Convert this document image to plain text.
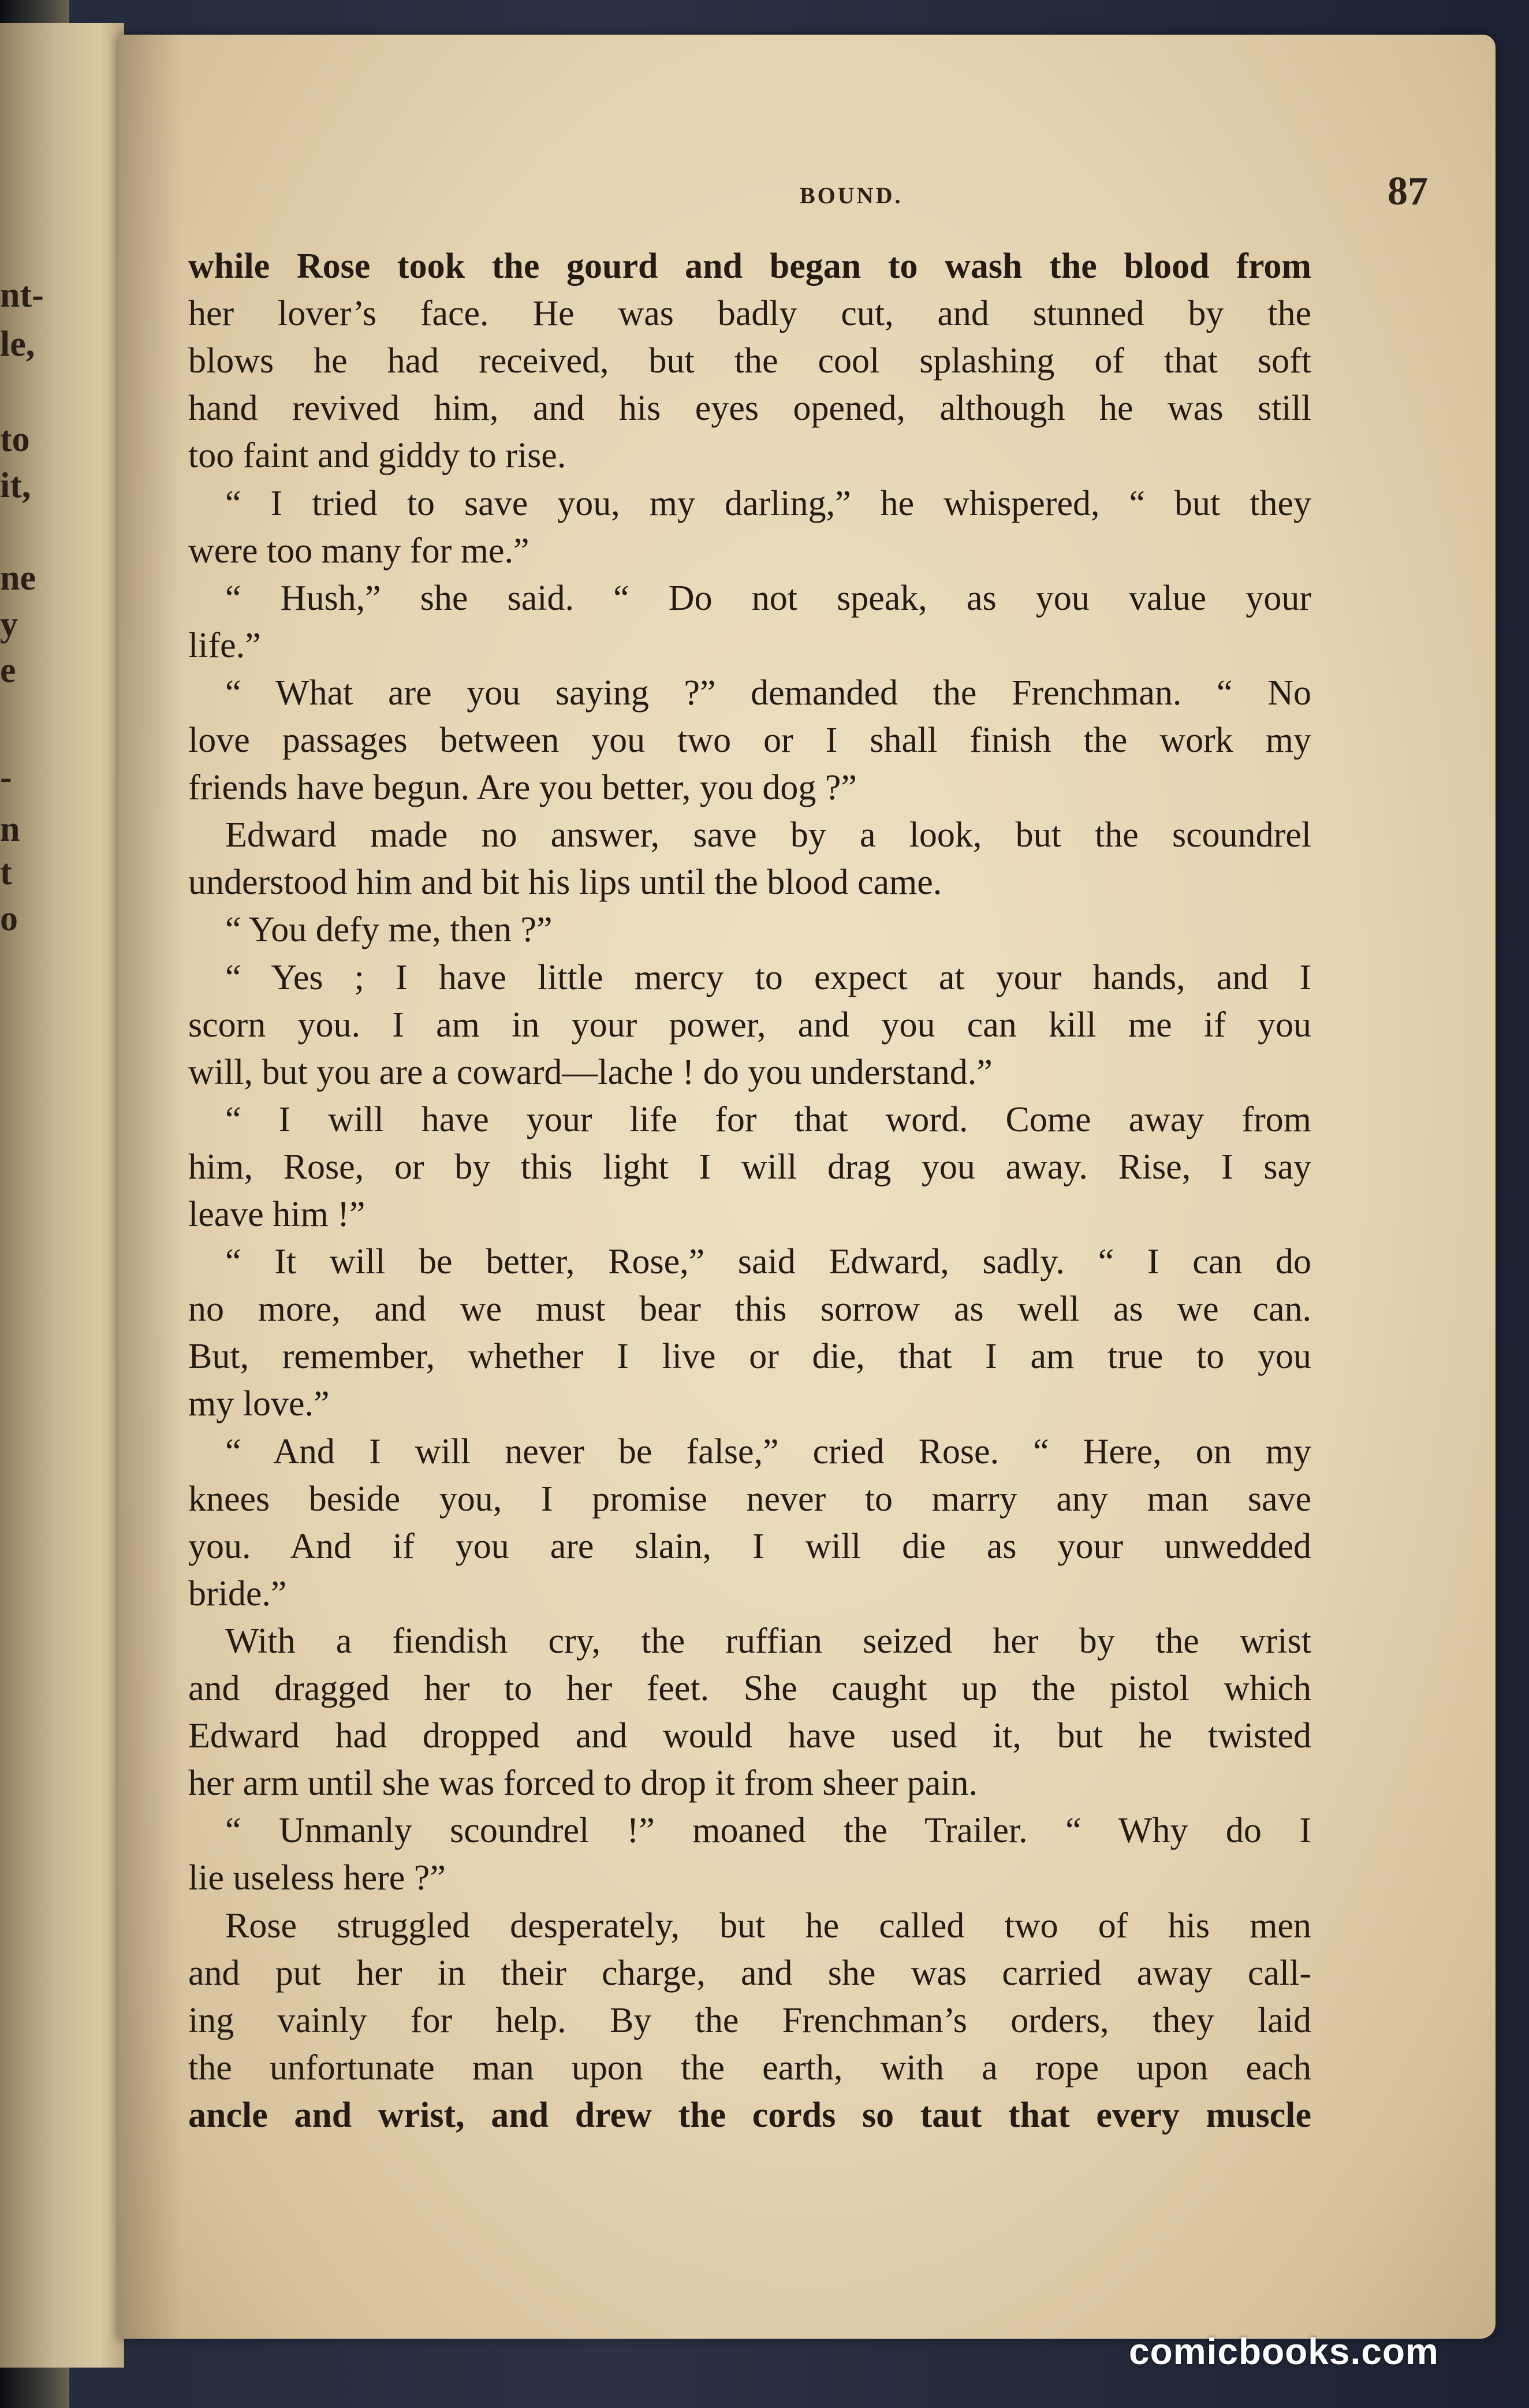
nt-
le,
to
it,
ne
y
e
-
n
t
o
BOUND.	87
while Rose took the gourd and began to wash the blood from
her lover’s face. He was badly cut, and stunned by the
blows he had received, but the cool splashing of that soft
hand revived him, and his eyes opened, although he was still
too faint and giddy to rise.
“ I tried to save you, my darling,” he whispered, “ but they
were too many for me.”
“ Hush,” she said. “ Do not speak, as you value your
life.”
“ What are you saying ?” demanded the Frenchman. “ No
love passages between you two or I shall finish the work my
friends have begun. Are you better, you dog ?”
Edward made no answer, save by a look, but the scoundrel
understood him and bit his lips until the blood came.
“ You defy me, then ?”
“ Yes ; I have little mercy to expect at your hands, and I
scorn you. I am in your power, and you can kill me if you
will, but you are a coward—lache ! do you understand.”
“ I will have your life for that word. Come away from
him, Rose, or by this light I will drag you away. Rise, I say
leave him !”
“ It will be better, Rose,” said Edward, sadly. “ I can do
no more, and we must bear this sorrow as well as we can.
But, remember, whether I live or die, that I am true to you
my love.”
“ And I will never be false,” cried Rose. “ Here, on my
knees beside you, I promise never to marry any man save
you. And if you are slain, I will die as your unwedded
bride.”
With a fiendish cry, the ruffian seized her by the wrist
and dragged her to her feet. She caught up the pistol which
Edward had dropped and would have used it, but he twisted
her arm until she was forced to drop it from sheer pain.
“ Unmanly scoundrel !” moaned the Trailer. “ Why do I
lie useless here ?”
Rose struggled desperately, but he called two of his men
and put her in their charge, and she was carried away call-
ing vainly for help. By the Frenchman’s orders, they laid
the unfortunate man upon the earth, with a rope upon each
ancle and wrist, and drew the cords so taut that every muscle
comicbooks.com
